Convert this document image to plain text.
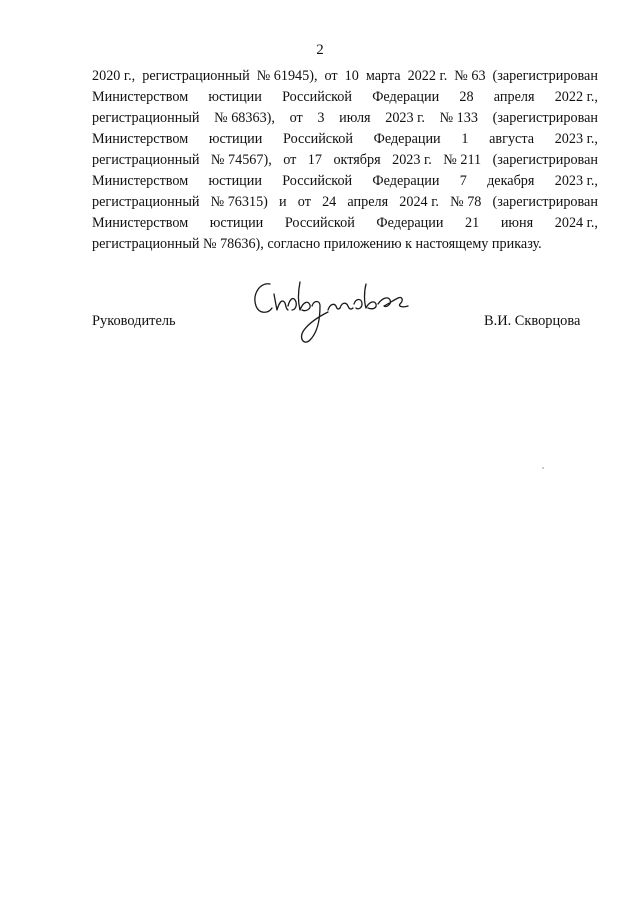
2
2020 г., регистрационный № 61945), от 10 марта 2022 г. № 63 (зарегистрирован
Министерством юстиции Российской Федерации 28 апреля 2022 г.,
регистрационный № 68363), от 3 июля 2023 г. № 133 (зарегистрирован
Министерством юстиции Российской Федерации 1 августа 2023 г.,
регистрационный № 74567), от 17 октября 2023 г. № 211 (зарегистрирован
Министерством юстиции Российской Федерации 7 декабря 2023 г.,
регистрационный № 76315) и от 24 апреля 2024 г. № 78 (зарегистрирован
Министерством юстиции Российской Федерации 21 июня 2024 г.,
регистрационный № 78636), согласно приложению к настоящему приказу.
Руководитель	В.И. Скворцова
